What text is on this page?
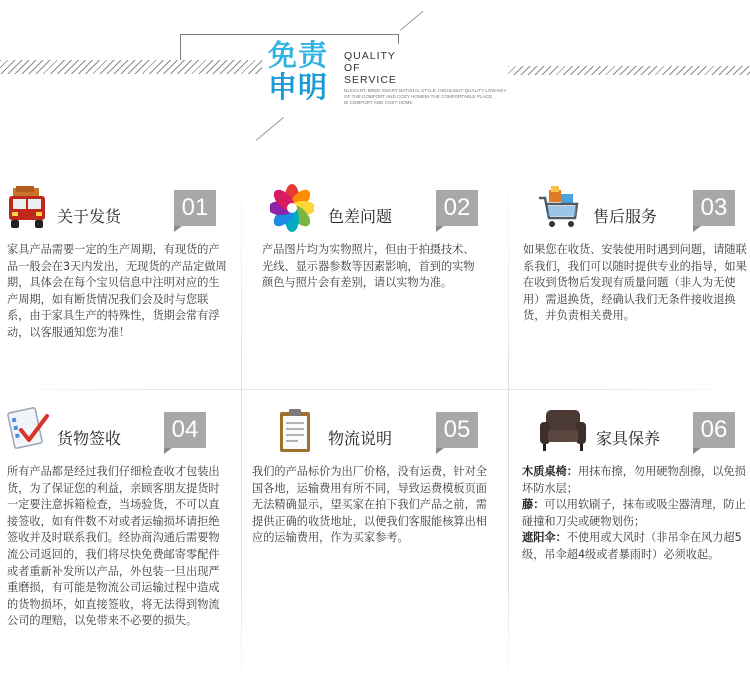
免责
申明
QUALITY
OF
SERVICE
NLEGANT, BRED SMART NATURAL STYLE, HIGHLIGHT QUALITY LOW-KEY
OF THE COMFORT AND COZY HOMEIN THE COMFORTABLE PLACE,
IE COMFORT AND COZY HOME
关于发货	01

家具产品需要一定的生产周期，有现货的产品一般会在3天内发出，无现货的产品定做周期，具体会在每个宝贝信息中注明对应的生产周期，如有断货情况我们会及时与您联系，由于家具生产的特殊性，货期会常有浮动，以客服通知您为准！

色差问题	02

产品图片均为实物照片，但由于拍摄技术、光线、显示器参数等因素影响，首到的实物颜色与照片会有差别，请以实物为准。

售后服务	03

如果您在收货、安装使用时遇到问题，请随联系我们，我们可以随时提供专业的指导，如果在收到货物后发现有质量问题（非人为无使用）需退换货，经确认我们无条件接收退换货，并负责相关费用。

货物签收	04

所有产品都是经过我们仔细检查收才包装出货，为了保证您的利益，亲顾客朋友提货时一定要注意拆箱检查，当场验货，不可以直接签收，如有件数不对或者运输损坏请拒绝签收并及时联系我们。经协商沟通后需要物流公司返回的，我们将尽快免费邮寄零配件或者重新补发所以产品，外包装一旦出现严重磨损，有可能是物流公司运输过程中造成的货物损坏，如直接签收，将无法得到物流公司的理赔，以免带来不必要的损失。

物流说明	05

我们的产品标价为出厂价格，没有运费，针对全国各地，运输费用有所不同，导致运费模板页面无法精确显示，望买家在拍下我们产品之前，需提供正确的收货地址，以便我们客服能核算出相应的运输费用，作为买家参考。

家具保养	06

木质桌椅：用抹布擦，勿用硬物刮擦，以免损坏防水层；

藤：可以用软刷子，抹布或吸尘器清理，防止碰撞和刀尖或硬物划伤；

遮阳伞：不使用或大风时（非吊伞在风力超5级，吊伞超4级或者暴雨时）必须收起。
